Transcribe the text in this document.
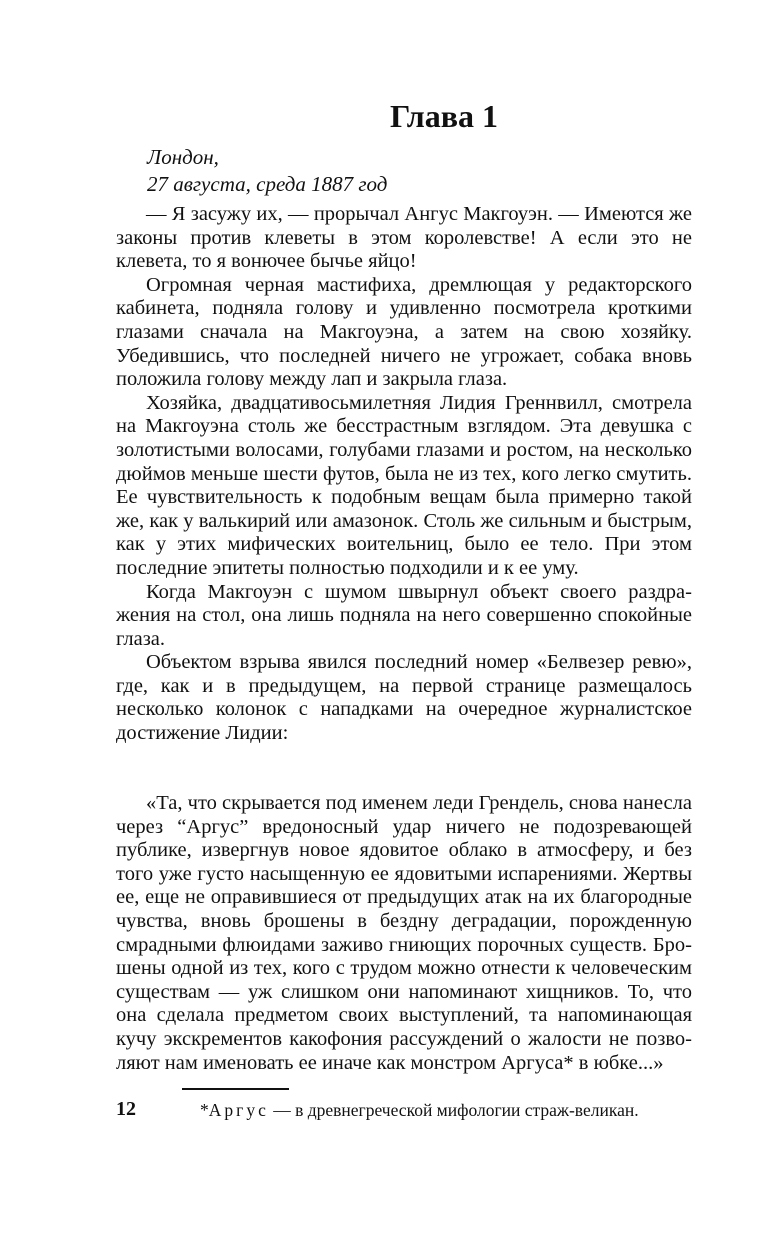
Глава 1
Лондон,
27 августа, среда 1887 год

— Я засужу их, — прорычал Ангус Макгоуэн. — Имеются же законы против клеветы в этом королевстве! А если это не клевета, то я вонючее бычье яйцо!

Огромная черная мастифиха, дремлющая у редакторского кабинета, подняла голову и удивленно посмотрела кроткими глазами сначала на Макгоуэна, а затем на свою хозяйку. Убедившись, что последней ничего не угрожает, собака вновь положила голову между лап и закрыла глаза.

Хозяйка, двадцативосьмилетняя Лидия Греннвилл, смотрела на Макгоуэна столь же бесстрастным взглядом. Эта девушка с золотистыми волосами, голубами глазами и ростом, на несколько дюймов меньше шести футов, была не из тех, кого легко смутить. Ее чувствительность к подобным вещам была примерно такой же, как у валькирий или амазонок. Столь же сильным и быстрым, как у этих мифических воительниц, было ее тело. При этом последние эпитеты полностью подходили и к ее уму.

Когда Макгоуэн с шумом швырнул объект своего раздражения на стол, она лишь подняла на него совершенно спокойные глаза.

Объектом взрыва явился последний номер «Белвезер ревю», где, как и в предыдущем, на первой странице размещалось несколько колонок с нападками на очередное журналистское достижение Лидии:

«Та, что скрывается под именем леди Грендель, снова нанесла через “Аргус” вредоносный удар ничего не подозревающей публике, извергнув новое ядовитое облако в атмосферу, и без того уже густо насыщенную ее ядовитыми испарениями. Жертвы ее, еще не оправившиеся от предыдущих атак на их благородные чувства, вновь брошены в бездну деградации, порожденную смрадными флюидами заживо гниющих порочных существ. Брошены одной из тех, кого с трудом можно отнести к человеческим существам — уж слишком они напоминают хищников. То, что она сделала предметом своих выступлений, та напоминающая кучу экскрементов какофония рассуждений о жалости не позволяют нам именовать ее иначе как монстром Аргуса* в юбке...»

12	*Аргус — в древнегреческой мифологии страж-великан.
